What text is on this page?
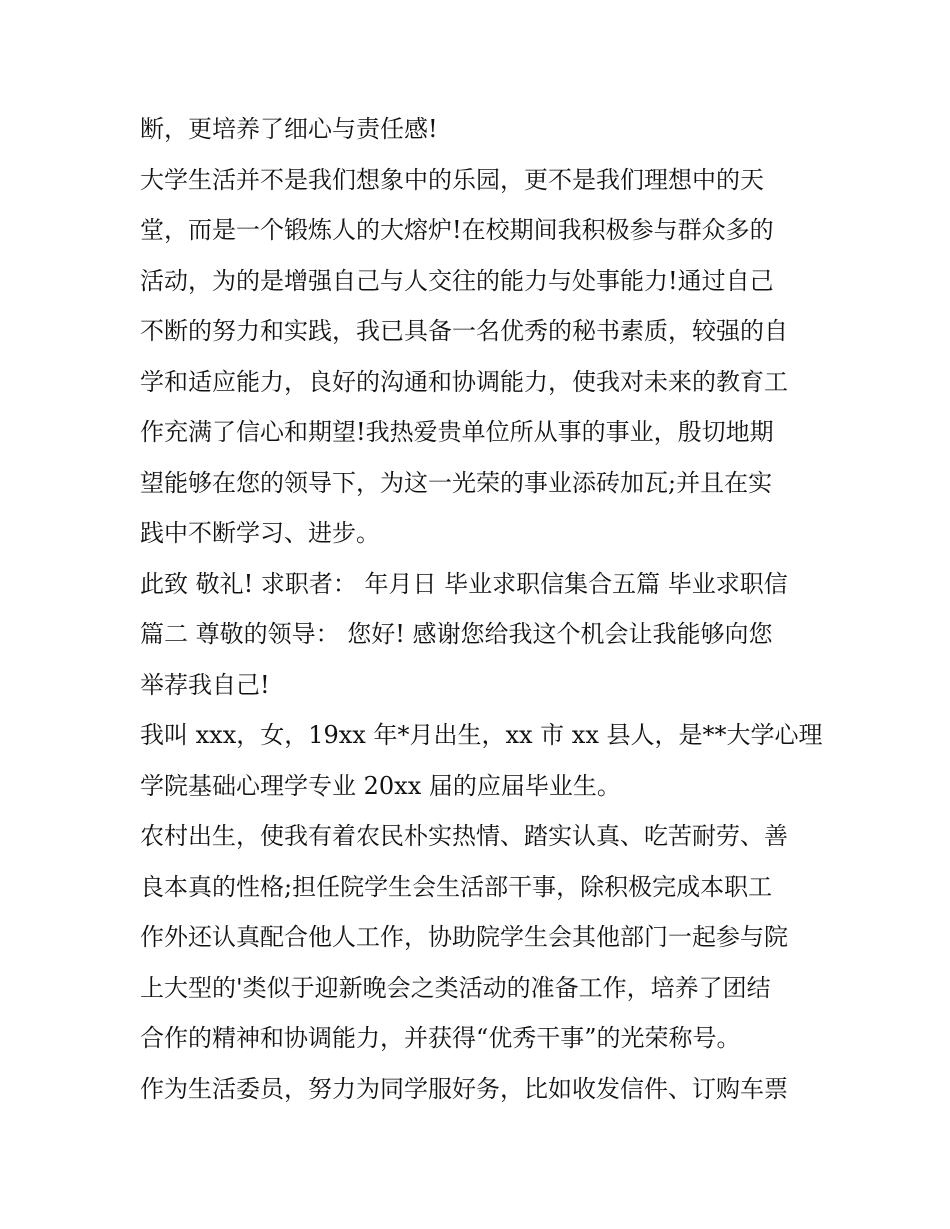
断，更培养了细心与责任感!

大学生活并不是我们想象中的乐园，更不是我们理想中的天
堂，而是一个锻炼人的大熔炉!在校期间我积极参与群众多的
活动，为的是增强自己与人交往的能力与处事能力!通过自己
不断的努力和实践，我已具备一名优秀的秘书素质，较强的自
学和适应能力，良好的沟通和协调能力，使我对未来的教育工
作充满了信心和期望!我热爱贵单位所从事的事业，殷切地期
望能够在您的领导下，为这一光荣的事业添砖加瓦;并且在实
践中不断学习、进步。

此致 敬礼! 求职者： 年月日 毕业求职信集合五篇 毕业求职信
篇二 尊敬的领导： 您好! 感谢您给我这个机会让我能够向您
举荐我自己!

我叫 xxx，女，19xx 年*月出生，xx 市 xx 县人，是**大学心理
学院基础心理学专业 20xx 届的应届毕业生。

农村出生，使我有着农民朴实热情、踏实认真、吃苦耐劳、善
良本真的性格;担任院学生会生活部干事，除积极完成本职工
作外还认真配合他人工作，协助院学生会其他部门一起参与院
上大型的'类似于迎新晚会之类活动的准备工作，培养了团结
合作的精神和协调能力，并获得“优秀干事”的光荣称号。

作为生活委员，努力为同学服好务，比如收发信件、订购车票
